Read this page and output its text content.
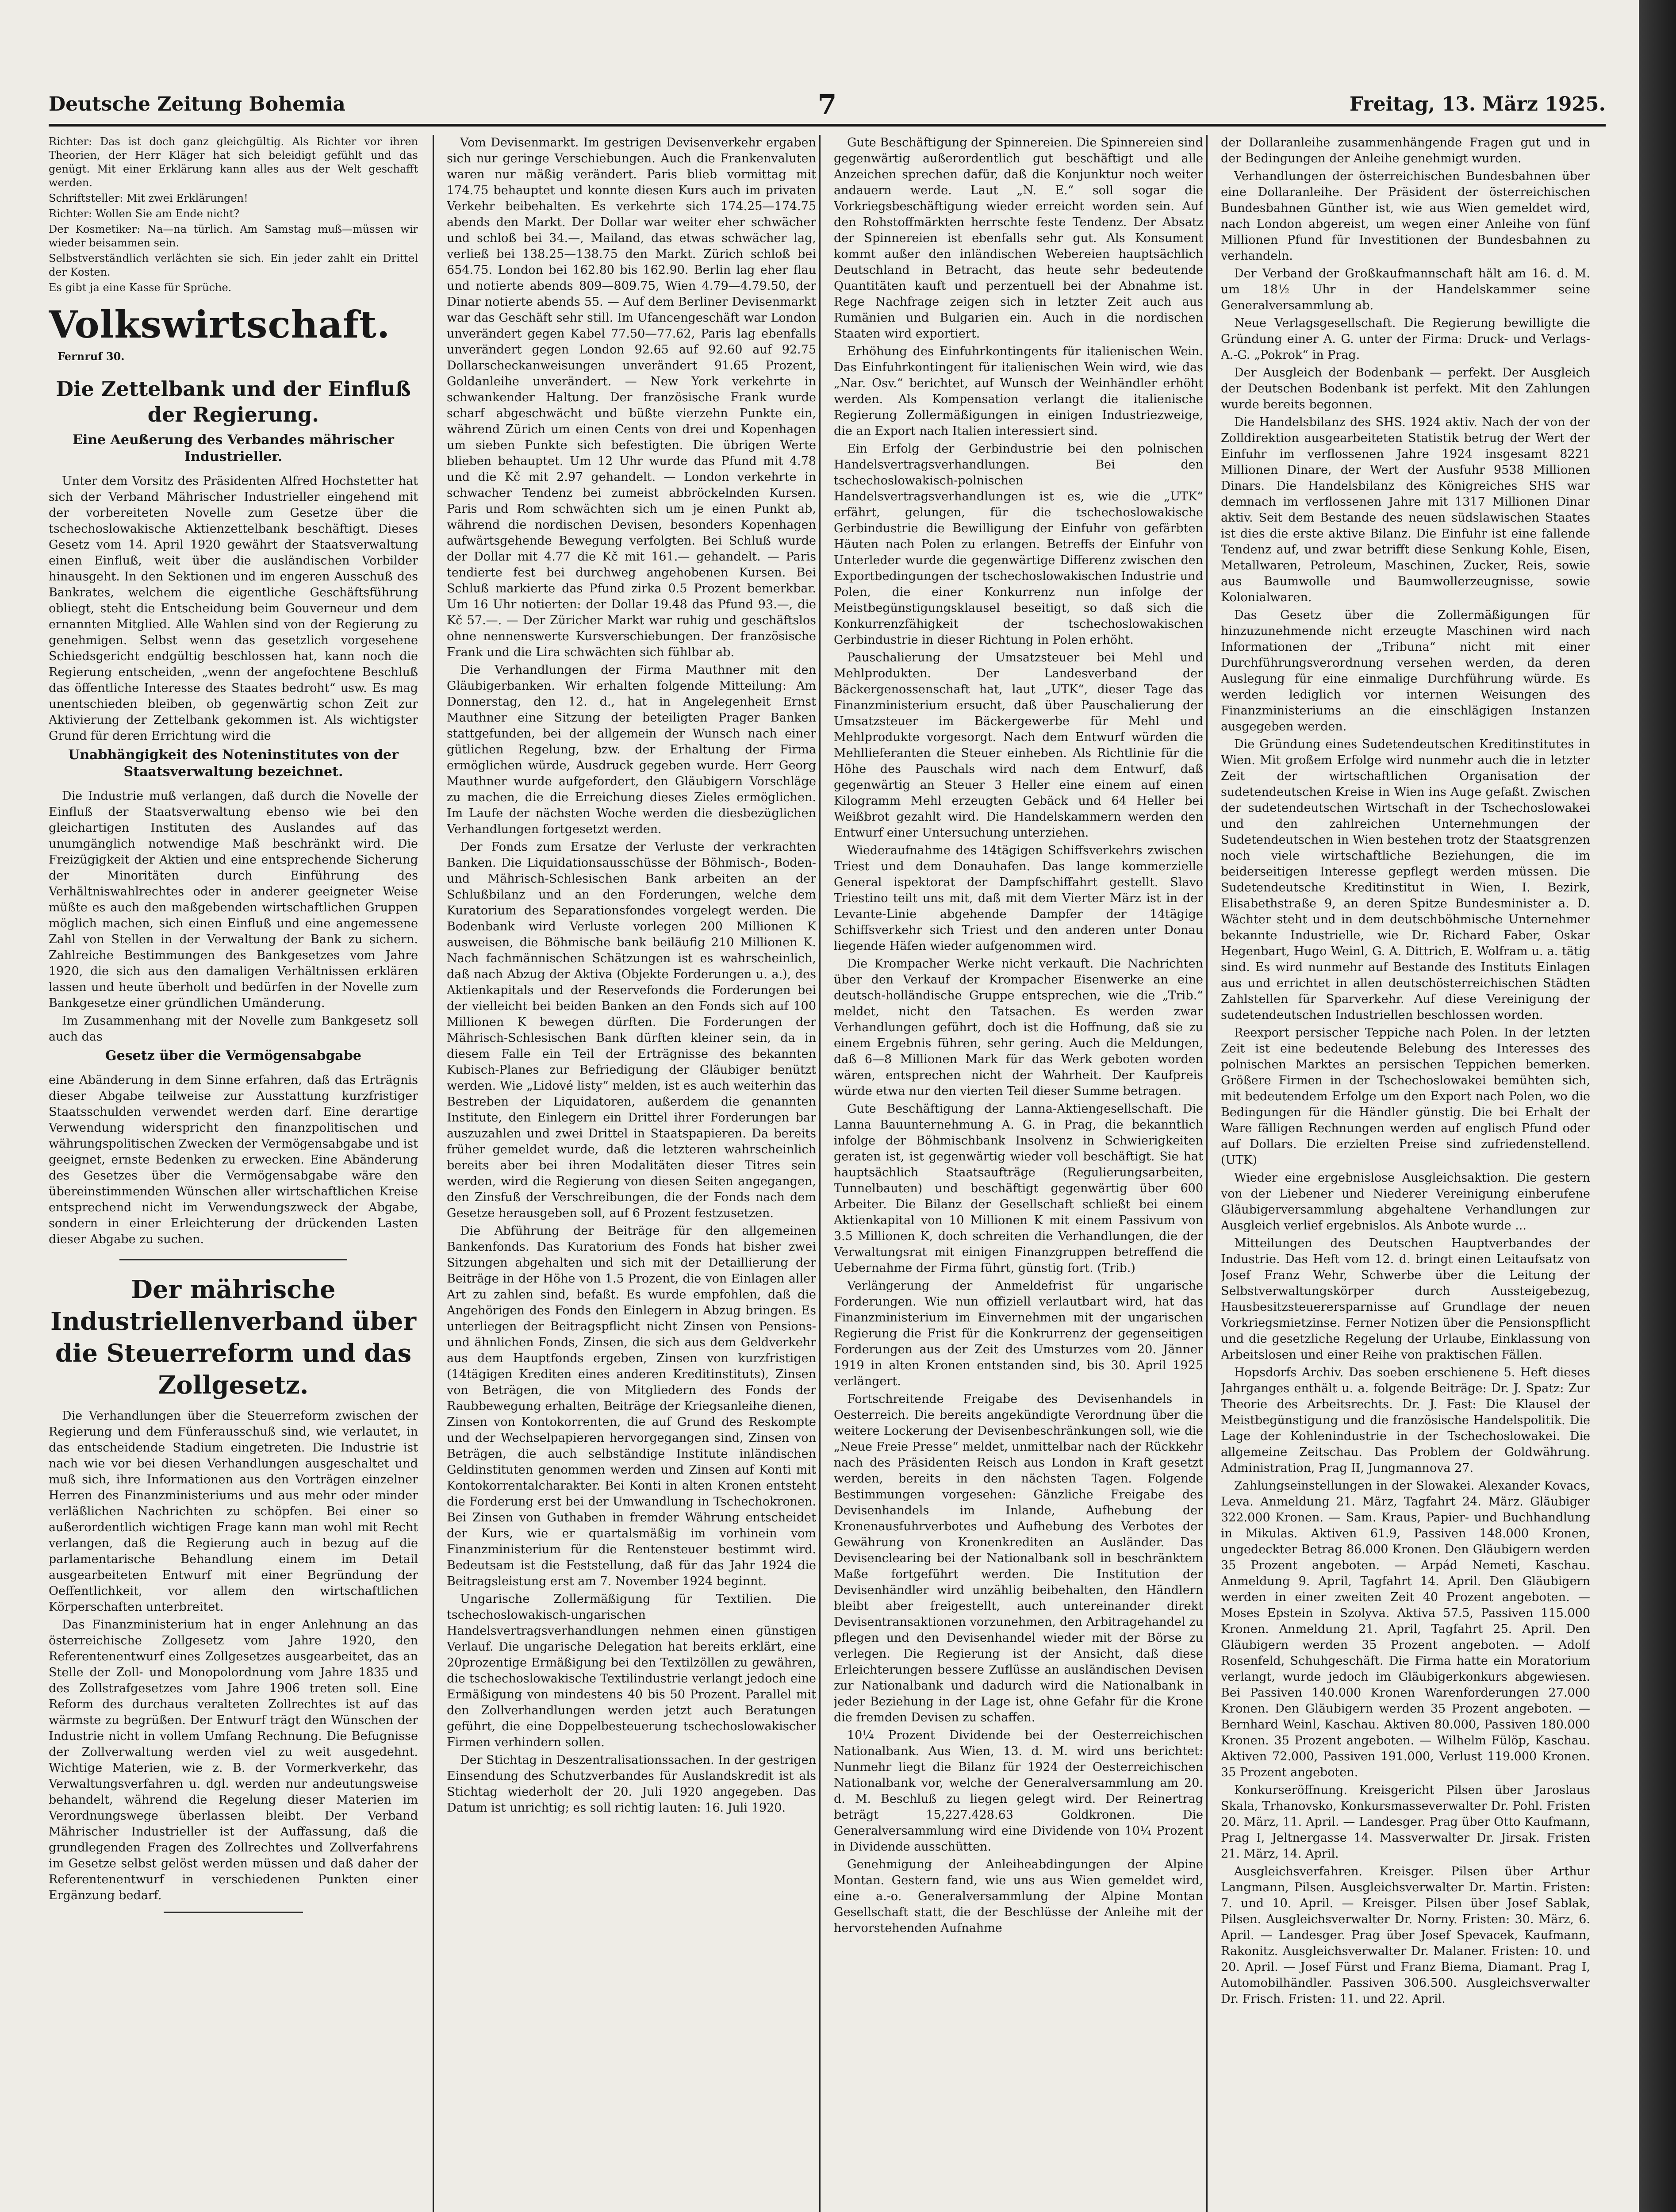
Deutsche Zeitung Bohemia	7	Freitag, 13. März 1925.

Richter: Das ist doch ganz gleichgültig. Als Richter vor ihren Theorien, der Herr Kläger hat sich beleidigt gefühlt und das genügt. Mit einer Erklärung kann alles aus der Welt geschafft werden.

Schriftsteller: Mit zwei Erklärungen!

Richter: Wollen Sie am Ende nicht?

Der Kosmetiker: Na—na türlich. Am Samstag muß—müssen wir wieder beisammen sein.

Selbstverständlich verlächten sie sich. Ein jeder zahlt ein Drittel der Kosten.

Es gibt ja eine Kasse für Sprüche.

Volkswirtschaft.
Fernruf 30.
Die Zettelbank und der Einfluß der Regierung.
Eine Aeußerung des Verbandes mährischer Industrieller.

Unter dem Vorsitz des Präsidenten Alfred Hochstetter hat sich der Verband Mährischer Industrieller eingehend mit der vorbereiteten Novelle zum Gesetze über die tschechoslowakische Aktienzettelbank beschäftigt. Dieses Gesetz vom 14. April 1920 gewährt der Staatsverwaltung einen Einfluß, weit über die ausländischen Vorbilder hinausgeht. In den Sektionen und im engeren Ausschuß des Bankrates, welchem die eigentliche Geschäftsführung obliegt, steht die Entscheidung beim Gouverneur und dem ernannten Mitglied. Alle Wahlen sind von der Regierung zu genehmigen. Selbst wenn das gesetzlich vorgesehene Schiedsgericht endgültig beschlossen hat, kann noch die Regierung entscheiden, „wenn der angefochtene Beschluß das öffentliche Interesse des Staates bedroht“ usw. Es mag unentschieden bleiben, ob gegenwärtig schon Zeit zur Aktivierung der Zettelbank gekommen ist. Als wichtigster Grund für deren Errichtung wird die

Unabhängigkeit des Noteninstitutes von der Staatsverwaltung bezeichnet.

Die Industrie muß verlangen, daß durch die Novelle der Einfluß der Staatsverwaltung ebenso wie bei den gleichartigen Instituten des Auslandes auf das unumgänglich notwendige Maß beschränkt wird. Die Freizügigkeit der Aktien und eine entsprechende Sicherung der Minoritäten durch Einführung des Verhältniswahlrechtes oder in anderer geeigneter Weise müßte es auch den maßgebenden wirtschaftlichen Gruppen möglich machen, sich einen Einfluß und eine angemessene Zahl von Stellen in der Verwaltung der Bank zu sichern. Zahlreiche Bestimmungen des Bankgesetzes vom Jahre 1920, die sich aus den damaligen Verhältnissen erklären lassen und heute überholt und bedürfen in der Novelle zum Bankgesetze einer gründlichen Umänderung.

Im Zusammenhang mit der Novelle zum Bankgesetz soll auch das

Gesetz über die Vermögensabgabe

eine Abänderung in dem Sinne erfahren, daß das Erträgnis dieser Abgabe teilweise zur Ausstattung kurzfristiger Staatsschulden verwendet werden darf. Eine derartige Verwendung widerspricht den finanzpolitischen und währungspolitischen Zwecken der Vermögensabgabe und ist geeignet, ernste Bedenken zu erwecken. Eine Abänderung des Gesetzes über die Vermögensabgabe wäre den übereinstimmenden Wünschen aller wirtschaftlichen Kreise entsprechend nicht im Verwendungszweck der Abgabe, sondern in einer Erleichterung der drückenden Lasten dieser Abgabe zu suchen.

Der mährische Industriellenverband über die Steuerreform und das Zollgesetz.

Die Verhandlungen über die Steuerreform zwischen der Regierung und dem Fünferausschuß sind, wie verlautet, in das entscheidende Stadium eingetreten. Die Industrie ist nach wie vor bei diesen Verhandlungen ausgeschaltet und muß sich, ihre Informationen aus den Vorträgen einzelner Herren des Finanzministeriums und aus mehr oder minder verläßlichen Nachrichten zu schöpfen. Bei einer so außerordentlich wichtigen Frage kann man wohl mit Recht verlangen, daß die Regierung auch in bezug auf die parlamentarische Behandlung einem im Detail ausgearbeiteten Entwurf mit einer Begründung der Oeffentlichkeit, vor allem den wirtschaftlichen Körperschaften unterbreitet.

Das Finanzministerium hat in enger Anlehnung an das österreichische Zollgesetz vom Jahre 1920, den Referentenentwurf eines Zollgesetzes ausgearbeitet, das an Stelle der Zoll- und Monopolordnung vom Jahre 1835 und des Zollstrafgesetzes vom Jahre 1906 treten soll. Eine Reform des durchaus veralteten Zollrechtes ist auf das wärmste zu begrüßen. Der Entwurf trägt den Wünschen der Industrie nicht in vollem Umfang Rechnung. Die Befugnisse der Zollverwaltung werden viel zu weit ausgedehnt. Wichtige Materien, wie z. B. der Vormerkverkehr, das Verwaltungsverfahren u. dgl. werden nur andeutungsweise behandelt, während die Regelung dieser Materien im Verordnungswege überlassen bleibt. Der Verband Mährischer Industrieller ist der Auffassung, daß die grundlegenden Fragen des Zollrechtes und Zollverfahrens im Gesetze selbst gelöst werden müssen und daß daher der Referentenentwurf in verschiedenen Punkten einer Ergänzung bedarf.

Vom Devisenmarkt. Im gestrigen Devisenverkehr ergaben sich nur geringe Verschiebungen. Auch die Frankenvaluten waren nur mäßig verändert. Paris blieb vormittag mit 174.75 behauptet und konnte diesen Kurs auch im privaten Verkehr beibehalten. Es verkehrte sich 174.25—174.75 abends den Markt. Der Dollar war weiter eher schwächer und schloß bei 34.—, Mailand, das etwas schwächer lag, verließ bei 138.25—138.75 den Markt. Zürich schloß bei 654.75. London bei 162.80 bis 162.90. Berlin lag eher flau und notierte abends 809—809.75, Wien 4.79—4.79.50, der Dinar notierte abends 55. — Auf dem Berliner Devisenmarkt war das Geschäft sehr still. Im Ufancengeschäft war London unverändert gegen Kabel 77.50—77.62, Paris lag ebenfalls unverändert gegen London 92.65 auf 92.60 auf 92.75 Dollarscheckanweisungen unverändert 91.65 Prozent, Goldanleihe unverändert. — New York verkehrte in schwankender Haltung. Der französische Frank wurde scharf abgeschwächt und büßte vierzehn Punkte ein, während Zürich um einen Cents von drei und Kopenhagen um sieben Punkte sich befestigten. Die übrigen Werte blieben behauptet. Um 12 Uhr wurde das Pfund mit 4.78 und die Kč mit 2.97 gehandelt. — London verkehrte in schwacher Tendenz bei zumeist abbröckelnden Kursen. Paris und Rom schwächten sich um je einen Punkt ab, während die nordischen Devisen, besonders Kopenhagen aufwärtsgehende Bewegung verfolgten. Bei Schluß wurde der Dollar mit 4.77 die Kč mit 161.— gehandelt. — Paris tendierte fest bei durchweg angehobenen Kursen. Bei Schluß markierte das Pfund zirka 0.5 Prozent bemerkbar. Um 16 Uhr notierten: der Dollar 19.48 das Pfund 93.—, die Kč 57.—. — Der Züricher Markt war ruhig und geschäftslos ohne nennenswerte Kursverschiebungen. Der französische Frank und die Lira schwächten sich fühlbar ab.

Die Verhandlungen der Firma Mauthner mit den Gläubigerbanken. Wir erhalten folgende Mitteilung: Am Donnerstag, den 12. d., hat in Angelegenheit Ernst Mauthner eine Sitzung der beteiligten Prager Banken stattgefunden, bei der allgemein der Wunsch nach einer gütlichen Regelung, bzw. der Erhaltung der Firma ermöglichen würde, Ausdruck gegeben wurde. Herr Georg Mauthner wurde aufgefordert, den Gläubigern Vorschläge zu machen, die die Erreichung dieses Zieles ermöglichen. Im Laufe der nächsten Woche werden die diesbezüglichen Verhandlungen fortgesetzt werden.

Der Fonds zum Ersatze der Verluste der verkrachten Banken. Die Liquidationsausschüsse der Böhmisch-, Boden- und Mährisch-Schlesischen Bank arbeiten an der Schlußbilanz und an den Forderungen, welche dem Kuratorium des Separationsfondes vorgelegt werden. Die Bodenbank wird Verluste vorlegen 200 Millionen K ausweisen, die Böhmische bank beiläufig 210 Millionen K. Nach fachmännischen Schätzungen ist es wahrscheinlich, daß nach Abzug der Aktiva (Objekte Forderungen u. a.), des Aktienkapitals und der Reservefonds die Forderungen bei der vielleicht bei beiden Banken an den Fonds sich auf 100 Millionen K bewegen dürften. Die Forderungen der Mährisch-Schlesischen Bank dürften kleiner sein, da in diesem Falle ein Teil der Erträgnisse des bekannten Kubisch-Planes zur Befriedigung der Gläubiger benützt werden. Wie „Lidové listy“ melden, ist es auch weiterhin das Bestreben der Liquidatoren, außerdem die genannten Institute, den Einlegern ein Drittel ihrer Forderungen bar auszuzahlen und zwei Drittel in Staatspapieren. Da bereits früher gemeldet wurde, daß die letzteren wahrscheinlich bereits aber bei ihren Modalitäten dieser Titres sein werden, wird die Regierung von diesen Seiten angegangen, den Zinsfuß der Verschreibungen, die der Fonds nach dem Gesetze herausgeben soll, auf 6 Prozent festzusetzen.

Die Abführung der Beiträge für den allgemeinen Bankenfonds. Das Kuratorium des Fonds hat bisher zwei Sitzungen abgehalten und sich mit der Detaillierung der Beiträge in der Höhe von 1.5 Prozent, die von Einlagen aller Art zu zahlen sind, befaßt. Es wurde empfohlen, daß die Angehörigen des Fonds den Einlegern in Abzug bringen. Es unterliegen der Beitragspflicht nicht Zinsen von Pensions- und ähnlichen Fonds, Zinsen, die sich aus dem Geldverkehr aus dem Hauptfonds ergeben, Zinsen von kurzfristigen (14tägigen Krediten eines anderen Kreditinstituts), Zinsen von Beträgen, die von Mitgliedern des Fonds der Raubbewegung erhalten, Beiträge der Kriegsanleihe dienen, Zinsen von Kontokorrenten, die auf Grund des Reskompte und der Wechselpapieren hervorgegangen sind, Zinsen von Beträgen, die auch selbständige Institute inländischen Geldinstituten genommen werden und Zinsen auf Konti mit Kontokorrentalcharakter. Bei Konti in alten Kronen entsteht die Forderung erst bei der Umwandlung in Tschechokronen. Bei Zinsen von Guthaben in fremder Währung entscheidet der Kurs, wie er quartalsmäßig im vorhinein vom Finanzministerium für die Rentensteuer bestimmt wird. Bedeutsam ist die Feststellung, daß für das Jahr 1924 die Beitragsleistung erst am 7. November 1924 beginnt.

Ungarische Zollermäßigung für Textilien. Die tschechoslowakisch-ungarischen Handelsvertragsverhandlungen nehmen einen günstigen Verlauf. Die ungarische Delegation hat bereits erklärt, eine 20prozentige Ermäßigung bei den Textilzöllen zu gewähren, die tschechoslowakische Textilindustrie verlangt jedoch eine Ermäßigung von mindestens 40 bis 50 Prozent. Parallel mit den Zollverhandlungen werden jetzt auch Beratungen geführt, die eine Doppelbesteuerung tschechoslowakischer Firmen verhindern sollen.

Der Stichtag in Deszentralisationssachen. In der gestrigen Einsendung des Schutzverbandes für Auslandskredit ist als Stichtag wiederholt der 20. Juli 1920 angegeben. Das Datum ist unrichtig; es soll richtig lauten: 16. Juli 1920.

Gute Beschäftigung der Spinnereien. Die Spinnereien sind gegenwärtig außerordentlich gut beschäftigt und alle Anzeichen sprechen dafür, daß die Konjunktur noch weiter andauern werde. Laut „N. E.“ soll sogar die Vorkriegsbeschäftigung wieder erreicht worden sein. Auf den Rohstoffmärkten herrschte feste Tendenz. Der Absatz der Spinnereien ist ebenfalls sehr gut. Als Konsument kommt außer den inländischen Webereien hauptsächlich Deutschland in Betracht, das heute sehr bedeutende Quantitäten kauft und perzentuell bei der Abnahme ist. Rege Nachfrage zeigen sich in letzter Zeit auch aus Rumänien und Bulgarien ein. Auch in die nordischen Staaten wird exportiert.

Erhöhung des Einfuhrkontingents für italienischen Wein. Das Einfuhrkontingent für italienischen Wein wird, wie das „Nar. Osv.“ berichtet, auf Wunsch der Weinhändler erhöht werden. Als Kompensation verlangt die italienische Regierung Zollermäßigungen in einigen Industriezweige, die an Export nach Italien interessiert sind.

Ein Erfolg der Gerbindustrie bei den polnischen Handelsvertragsverhandlungen. Bei den tschechoslowakisch-polnischen Handelsvertragsverhandlungen ist es, wie die „UTK“ erfährt, gelungen, für die tschechoslowakische Gerbindustrie die Bewilligung der Einfuhr von gefärbten Häuten nach Polen zu erlangen. Betreffs der Einfuhr von Unterleder wurde die gegenwärtige Differenz zwischen den Exportbedingungen der tschechoslowakischen Industrie und Polen, die einer Konkurrenz nun infolge der Meistbegünstigungsklausel beseitigt, so daß sich die Konkurrenzfähigkeit der tschechoslowakischen Gerbindustrie in dieser Richtung in Polen erhöht.

Pauschalierung der Umsatzsteuer bei Mehl und Mehlprodukten. Der Landesverband der Bäckergenossenschaft hat, laut „UTK“, dieser Tage das Finanzministerium ersucht, daß über Pauschalierung der Umsatzsteuer im Bäckergewerbe für Mehl und Mehlprodukte vorgesorgt. Nach dem Entwurf würden die Mehllieferanten die Steuer einheben. Als Richtlinie für die Höhe des Pauschals wird nach dem Entwurf, daß gegenwärtig an Steuer 3 Heller eine einem auf einen Kilogramm Mehl erzeugten Gebäck und 64 Heller bei Weißbrot gezahlt wird. Die Handelskammern werden den Entwurf einer Untersuchung unterziehen.

Wiederaufnahme des 14tägigen Schiffsverkehrs zwischen Triest und dem Donauhafen. Das lange kommerzielle General ispektorat der Dampfschiffahrt gestellt. Slavo Triestino teilt uns mit, daß mit dem Vierter März ist in der Levante-Linie abgehende Dampfer der 14tägige Schiffsverkehr sich Triest und den anderen unter Donau liegende Häfen wieder aufgenommen wird.

Die Krompacher Werke nicht verkauft. Die Nachrichten über den Verkauf der Krompacher Eisenwerke an eine deutsch-holländische Gruppe entsprechen, wie die „Trib.“ meldet, nicht den Tatsachen. Es werden zwar Verhandlungen geführt, doch ist die Hoffnung, daß sie zu einem Ergebnis führen, sehr gering. Auch die Meldungen, daß 6—8 Millionen Mark für das Werk geboten worden wären, entsprechen nicht der Wahrheit. Der Kaufpreis würde etwa nur den vierten Teil dieser Summe betragen.

Gute Beschäftigung der Lanna-Aktiengesellschaft. Die Lanna Bauunternehmung A. G. in Prag, die bekanntlich infolge der Böhmischbank Insolvenz in Schwierigkeiten geraten ist, ist gegenwärtig wieder voll beschäftigt. Sie hat hauptsächlich Staatsaufträge (Regulierungsarbeiten, Tunnelbauten) und beschäftigt gegenwärtig über 600 Arbeiter. Die Bilanz der Gesellschaft schließt bei einem Aktienkapital von 10 Millionen K mit einem Passivum von 3.5 Millionen K, doch schreiten die Verhandlungen, die der Verwaltungsrat mit einigen Finanzgruppen betreffend die Uebernahme der Firma führt, günstig fort. (Trib.)

Verlängerung der Anmeldefrist für ungarische Forderungen. Wie nun offiziell verlautbart wird, hat das Finanzministerium im Einvernehmen mit der ungarischen Regierung die Frist für die Konkrurrenz der gegenseitigen Forderungen aus der Zeit des Umsturzes vom 20. Jänner 1919 in alten Kronen entstanden sind, bis 30. April 1925 verlängert.

Fortschreitende Freigabe des Devisenhandels in Oesterreich. Die bereits angekündigte Verordnung über die weitere Lockerung der Devisenbeschränkungen soll, wie die „Neue Freie Presse“ meldet, unmittelbar nach der Rückkehr nach des Präsidenten Reisch aus London in Kraft gesetzt werden, bereits in den nächsten Tagen. Folgende Bestimmungen vorgesehen: Gänzliche Freigabe des Devisenhandels im Inlande, Aufhebung der Kronenausfuhrverbotes und Aufhebung des Verbotes der Gewährung von Kronenkrediten an Ausländer. Das Devisenclearing bei der Nationalbank soll in beschränktem Maße fortgeführt werden. Die Institution der Devisenhändler wird unzählig beibehalten, den Händlern bleibt aber freigestellt, auch untereinander direkt Devisentransaktionen vorzunehmen, den Arbitragehandel zu pflegen und den Devisenhandel wieder mit der Börse zu verlegen. Die Regierung ist der Ansicht, daß diese Erleichterungen bessere Zuflüsse an ausländischen Devisen zur Nationalbank und dadurch wird die Nationalbank in jeder Beziehung in der Lage ist, ohne Gefahr für die Krone die fremden Devisen zu schaffen.

10¼ Prozent Dividende bei der Oesterreichischen Nationalbank. Aus Wien, 13. d. M. wird uns berichtet: Nunmehr liegt die Bilanz für 1924 der Oesterreichischen Nationalbank vor, welche der Generalversammlung am 20. d. M. Beschluß zu liegen gelegt wird. Der Reinertrag beträgt 15,227.428.63 Goldkronen. Die Generalversammlung wird eine Dividende von 10¼ Prozent in Dividende ausschütten.

Genehmigung der Anleiheabdingungen der Alpine Montan. Gestern fand, wie uns aus Wien gemeldet wird, eine a.-o. Generalversammlung der Alpine Montan Gesellschaft statt, die der Beschlüsse der Anleihe mit der hervorstehenden Aufnahme

der Dollaranleihe zusammenhängende Fragen gut und in der Bedingungen der Anleihe genehmigt wurden.

Verhandlungen der österreichischen Bundesbahnen über eine Dollaranleihe. Der Präsident der österreichischen Bundesbahnen Günther ist, wie aus Wien gemeldet wird, nach London abgereist, um wegen einer Anleihe von fünf Millionen Pfund für Investitionen der Bundesbahnen zu verhandeln.

Der Verband der Großkaufmannschaft hält am 16. d. M. um 18½ Uhr in der Handelskammer seine Generalversammlung ab.

Neue Verlagsgesellschaft. Die Regierung bewilligte die Gründung einer A. G. unter der Firma: Druck- und Verlags-A.-G. „Pokrok“ in Prag.

Der Ausgleich der Bodenbank — perfekt. Der Ausgleich der Deutschen Bodenbank ist perfekt. Mit den Zahlungen wurde bereits begonnen.

Die Handelsbilanz des SHS. 1924 aktiv. Nach der von der Zolldirektion ausgearbeiteten Statistik betrug der Wert der Einfuhr im verflossenen Jahre 1924 insgesamt 8221 Millionen Dinare, der Wert der Ausfuhr 9538 Millionen Dinars. Die Handelsbilanz des Königreiches SHS war demnach im verflossenen Jahre mit 1317 Millionen Dinar aktiv. Seit dem Bestande des neuen südslawischen Staates ist dies die erste aktive Bilanz. Die Einfuhr ist eine fallende Tendenz auf, und zwar betrifft diese Senkung Kohle, Eisen, Metallwaren, Petroleum, Maschinen, Zucker, Reis, sowie aus Baumwolle und Baumwollerzeugnisse, sowie Kolonialwaren.

Das Gesetz über die Zollermäßigungen für hinzuzunehmende nicht erzeugte Maschinen wird nach Informationen der „Tribuna“ nicht mit einer Durchführungsverordnung versehen werden, da deren Auslegung für eine einmalige Durchführung würde. Es werden lediglich vor internen Weisungen des Finanzministeriums an die einschlägigen Instanzen ausgegeben werden.

Die Gründung eines Sudetendeutschen Kreditinstitutes in Wien. Mit großem Erfolge wird nunmehr auch die in letzter Zeit der wirtschaftlichen Organisation der sudetendeutschen Kreise in Wien ins Auge gefaßt. Zwischen der sudetendeutschen Wirtschaft in der Tschechoslowakei und den zahlreichen Unternehmungen der Sudetendeutschen in Wien bestehen trotz der Staatsgrenzen noch viele wirtschaftliche Beziehungen, die im beiderseitigen Interesse gepflegt werden müssen. Die Sudetendeutsche Kreditinstitut in Wien, I. Bezirk, Elisabethstraße 9, an deren Spitze Bundesminister a. D. Wächter steht und in dem deutschböhmische Unternehmer bekannte Industrielle, wie Dr. Richard Faber, Oskar Hegenbart, Hugo Weinl, G. A. Dittrich, E. Wolfram u. a. tätig sind. Es wird nunmehr auf Bestande des Instituts Einlagen aus und errichtet in allen deutschösterreichischen Städten Zahlstellen für Sparverkehr. Auf diese Vereinigung der sudetendeutschen Industriellen beschlossen worden.

Reexport persischer Teppiche nach Polen. In der letzten Zeit ist eine bedeutende Belebung des Interesses des polnischen Marktes an persischen Teppichen bemerken. Größere Firmen in der Tschechoslowakei bemühten sich, mit bedeutendem Erfolge um den Export nach Polen, wo die Bedingungen für die Händler günstig. Die bei Erhalt der Ware fälligen Rechnungen werden auf englisch Pfund oder auf Dollars. Die erzielten Preise sind zufriedenstellend. (UTK)

Wieder eine ergebnislose Ausgleichsaktion. Die gestern von der Liebener und Niederer Vereinigung einberufene Gläubigerversammlung abgehaltene Verhandlungen zur Ausgleich verlief ergebnislos. Als Anbote wurde ...

Mitteilungen des Deutschen Hauptverbandes der Industrie. Das Heft vom 12. d. bringt einen Leitaufsatz von Josef Franz Wehr, Schwerbe über die Leitung der Selbstverwaltungskörper durch Aussteigebezug, Hausbesitzsteuerersparnisse auf Grundlage der neuen Vorkriegsmietzinse. Ferner Notizen über die Pensionspflicht und die gesetzliche Regelung der Urlaube, Einklassung von Arbeitslosen und einer Reihe von praktischen Fällen.

Hopsdorfs Archiv. Das soeben erschienene 5. Heft dieses Jahrganges enthält u. a. folgende Beiträge: Dr. J. Spatz: Zur Theorie des Arbeitsrechts. Dr. J. Fast: Die Klausel der Meistbegünstigung und die französische Handelspolitik. Die Lage der Kohlenindustrie in der Tschechoslowakei. Die allgemeine Zeitschau. Das Problem der Goldwährung. Administration, Prag II, Jungmannova 27.

Zahlungseinstellungen in der Slowakei. Alexander Kovacs, Leva. Anmeldung 21. März, Tagfahrt 24. März. Gläubiger 322.000 Kronen. — Sam. Kraus, Papier- und Buchhandlung in Mikulas. Aktiven 61.9, Passiven 148.000 Kronen, ungedeckter Betrag 86.000 Kronen. Den Gläubigern werden 35 Prozent angeboten. — Arpád Nemeti, Kaschau. Anmeldung 9. April, Tagfahrt 14. April. Den Gläubigern werden in einer zweiten Zeit 40 Prozent angeboten. — Moses Epstein in Szolyva. Aktiva 57.5, Passiven 115.000 Kronen. Anmeldung 21. April, Tagfahrt 25. April. Den Gläubigern werden 35 Prozent angeboten. — Adolf Rosenfeld, Schuhgeschäft. Die Firma hatte ein Moratorium verlangt, wurde jedoch im Gläubigerkonkurs abgewiesen. Bei Passiven 140.000 Kronen Warenforderungen 27.000 Kronen. Den Gläubigern werden 35 Prozent angeboten. — Bernhard Weinl, Kaschau. Aktiven 80.000, Passiven 180.000 Kronen. 35 Prozent angeboten. — Wilhelm Fülöp, Kaschau. Aktiven 72.000, Passiven 191.000, Verlust 119.000 Kronen. 35 Prozent angeboten.

Konkurseröffnung. Kreisgericht Pilsen über Jaroslaus Skala, Trhanovsko, Konkursmasseverwalter Dr. Pohl. Fristen 20. März, 11. April. — Landesger. Prag über Otto Kaufmann, Prag I, Jeltnergasse 14. Massverwalter Dr. Jirsak. Fristen 21. März, 14. April.

Ausgleichsverfahren. Kreisger. Pilsen über Arthur Langmann, Pilsen. Ausgleichsverwalter Dr. Martin. Fristen: 7. und 10. April. — Kreisger. Pilsen über Josef Sablak, Pilsen. Ausgleichsverwalter Dr. Norny. Fristen: 30. März, 6. April. — Landesger. Prag über Josef Spevacek, Kaufmann, Rakonitz. Ausgleichsverwalter Dr. Malaner. Fristen: 10. und 20. April. — Josef Fürst und Franz Biema, Diamant. Prag I, Automobilhändler. Passiven 306.500. Ausgleichsverwalter Dr. Frisch. Fristen: 11. und 22. April.
